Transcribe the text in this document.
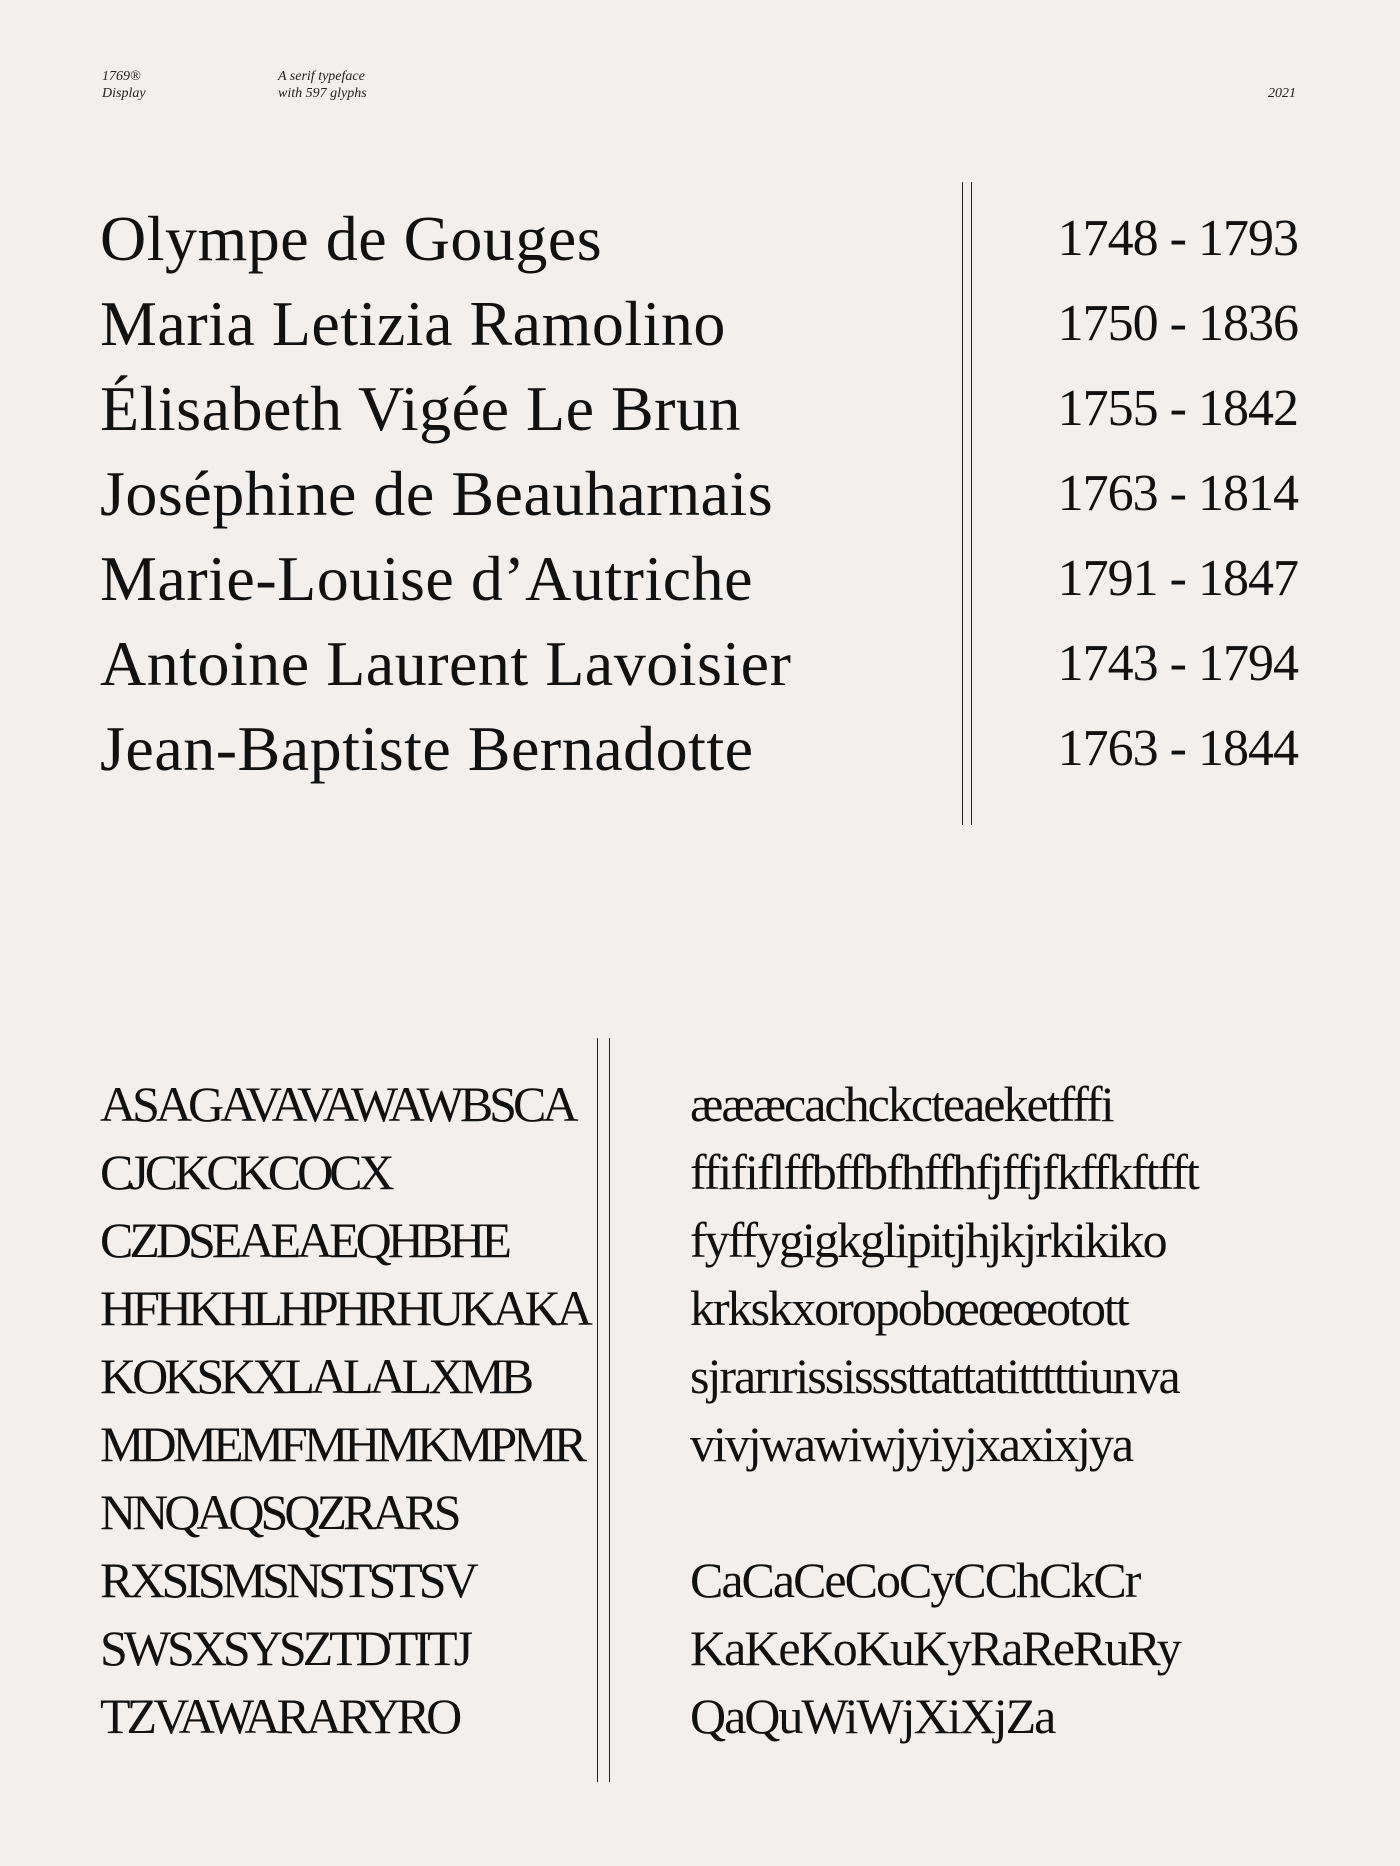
1769®
Display
A serif typeface
with 597 glyphs	2021
Olympe de Gouges
Maria Letizia Ramolino
Élisabeth Vigée Le Brun
Joséphine de Beauharnais
Marie-Louise d’Autriche
Antoine Laurent Lavoisier
Jean-Baptiste Bernadotte
1748 - 1793
1750 - 1836
1755 - 1842
1763 - 1814
1791 - 1847
1743 - 1794
1763 - 1844
ASAGAVAVAWAWBSCA
CJCKCKCOCX
CZDSEAEAEQHBHE
HFHKHLHPHRHUKAKA
KOKSKXLALALXMB
MDMEMFMHMKMPMR
NNQAQSQZRARS
RXSISMSNSTSTSV
SWSXSYSZTDTITJ
TZVAWARARYRO
æææcachckcteaeketfffi
ffififlffbffbfhffhfjffjfkffkftfft
fyffygigkglipitjhjkjrkikiko
krkskxoropobœœœotott
sjrarırississsttattatitttttiunva
vivjwawiwjyiyjxaxixjya
CaCaCeCoCyCChCkCr
KaKeKoKuKyRaReRuRy
QaQuWiWjXiXjZa
